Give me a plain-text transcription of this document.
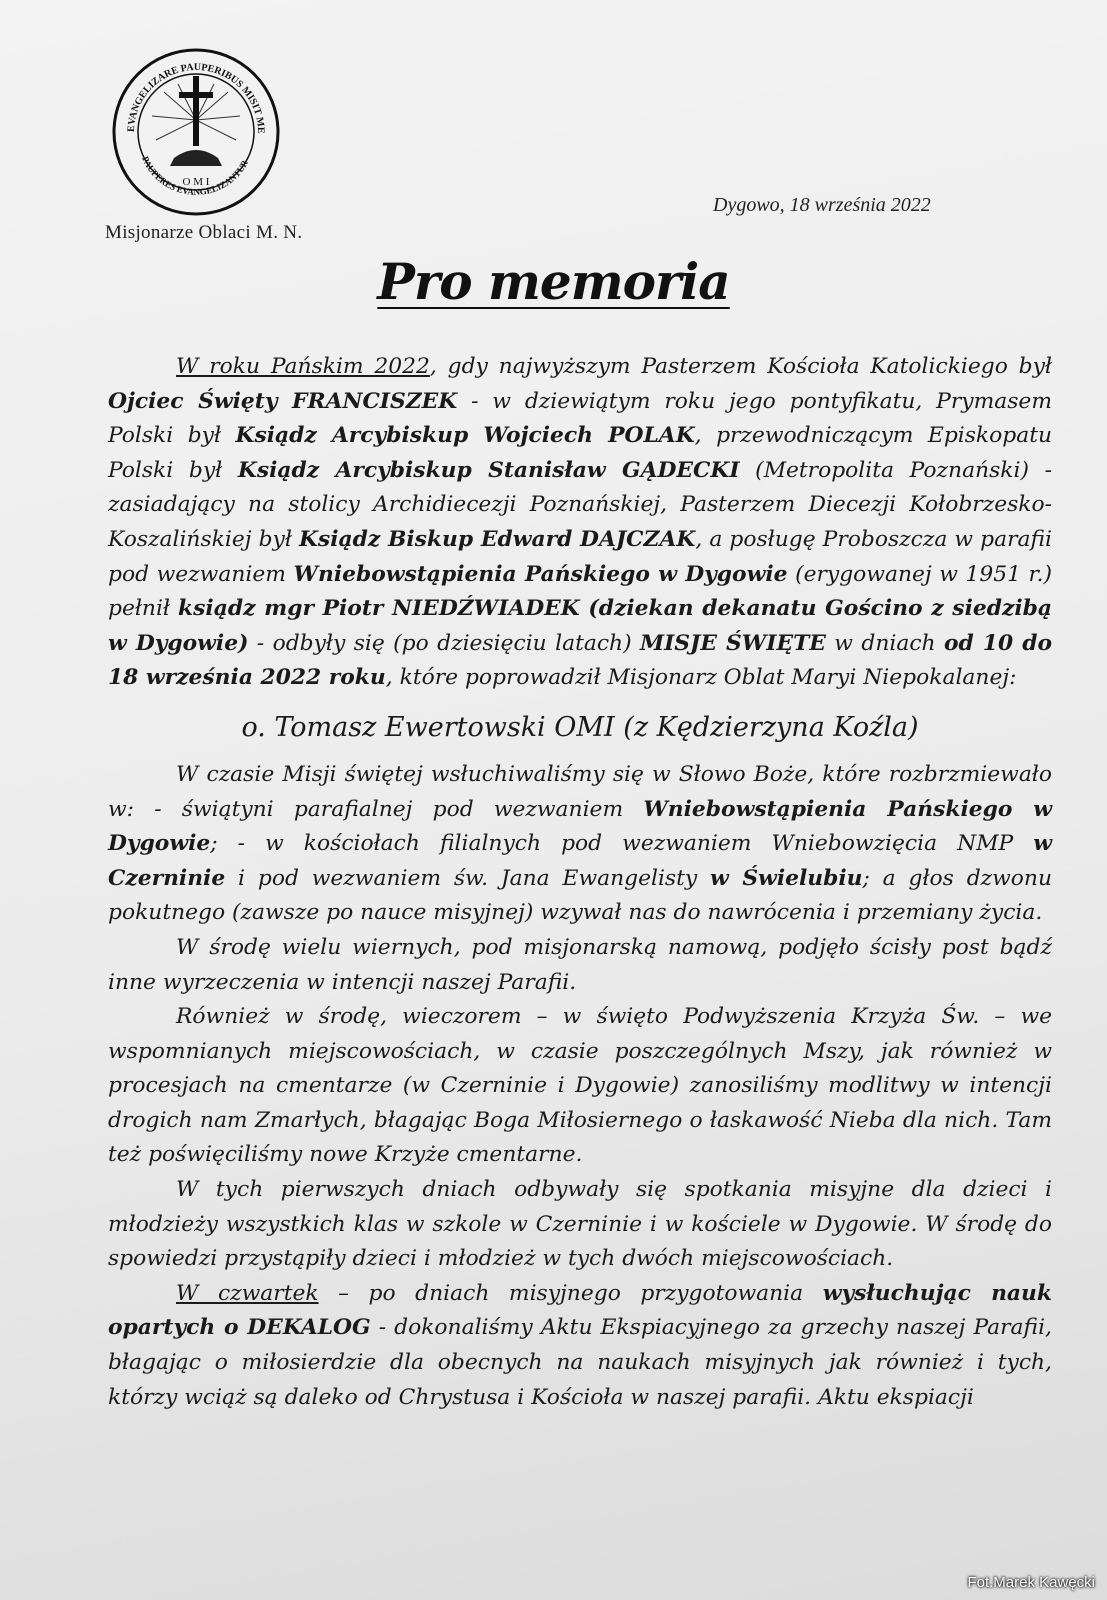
EVANGELIZARE PAUPERIBUS MISIT ME
PAUPERES EVANGELIZANTUR
O M I
Misjonarze Oblaci M. N.
Dygowo, 18 września 2022
Pro memoria

W roku Pańskim 2022, gdy najwyższym Pasterzem Kościoła Katolickiego był Ojciec Święty FRANCISZEK - w dziewiątym roku jego pontyfikatu, Prymasem Polski był Ksiądz Arcybiskup Wojciech POLAK, przewodniczącym Episkopatu Polski był Ksiądz Arcybiskup Stanisław GĄDECKI (Metropolita Poznański) - zasiadający na stolicy Archidiecezji Poznańskiej, Pasterzem Diecezji Kołobrzesko-Koszalińskiej był Ksiądz Biskup Edward DAJCZAK, a posługę Proboszcza w parafii pod wezwaniem Wniebowstąpienia Pańskiego w Dygowie (erygowanej w 1951 r.) pełnił ksiądz mgr Piotr NIEDŹWIADEK (dziekan dekanatu Gościno z siedzibą w Dygowie) - odbyły się (po dziesięciu latach) MISJE ŚWIĘTE w dniach od 10 do 18 września 2022 roku, które poprowadził Misjonarz Oblat Maryi Niepokalanej:

o. Tomasz Ewertowski OMI (z Kędzierzyna Koźla)

W czasie Misji świętej wsłuchiwaliśmy się w Słowo Boże, które rozbrzmiewało w: - świątyni parafialnej pod wezwaniem Wniebowstąpienia Pańskiego w Dygowie; - w kościołach filialnych pod wezwaniem Wniebowzięcia NMP w Czerninie i pod wezwaniem św. Jana Ewangelisty w Świelubiu; a głos dzwonu pokutnego (zawsze po nauce misyjnej) wzywał nas do nawrócenia i przemiany życia.

W środę wielu wiernych, pod misjonarską namową, podjęło ścisły post bądź inne wyrzeczenia w intencji naszej Parafii.

Również w środę, wieczorem – w święto Podwyższenia Krzyża Św. – we wspomnianych miejscowościach, w czasie poszczególnych Mszy, jak również w procesjach na cmentarze (w Czerninie i Dygowie) zanosiliśmy modlitwy w intencji drogich nam Zmarłych, błagając Boga Miłosiernego o łaskawość Nieba dla nich. Tam też poświęciliśmy nowe Krzyże cmentarne.

W tych pierwszych dniach odbywały się spotkania misyjne dla dzieci i młodzieży wszystkich klas w szkole w Czerninie i w kościele w Dygowie. W środę do spowiedzi przystąpiły dzieci i młodzież w tych dwóch miejscowościach.

W czwartek – po dniach misyjnego przygotowania wysłuchując nauk opartych o DEKALOG - dokonaliśmy Aktu Ekspiacyjnego za grzechy naszej Parafii, błagając o miłosierdzie dla obecnych na naukach misyjnych jak również i tych, którzy wciąż są daleko od Chrystusa i Kościoła w naszej parafii. Aktu ekspiacji

Fot.Marek Kawęcki
